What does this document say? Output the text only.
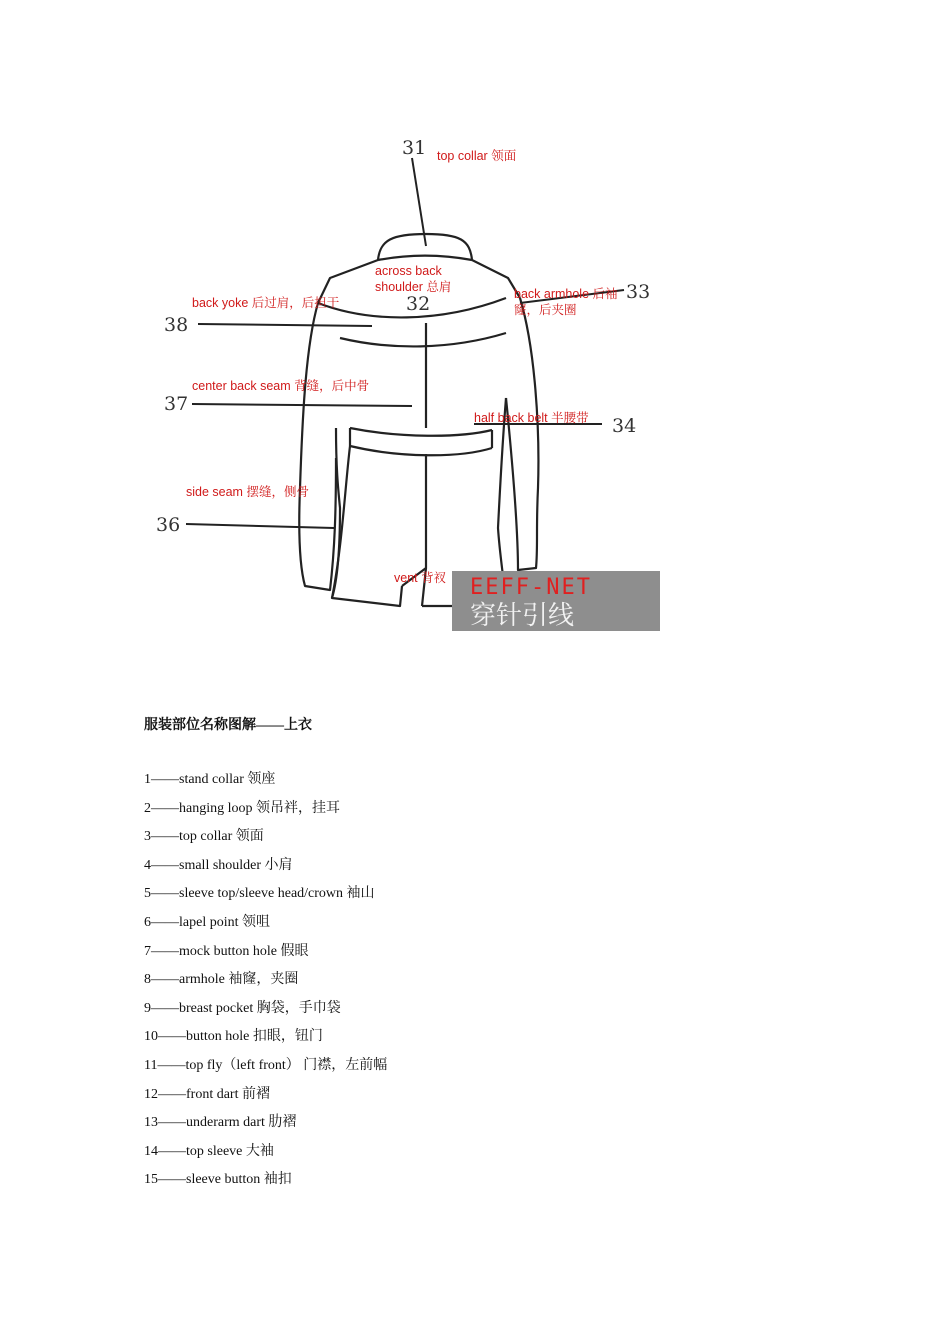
31
32
33
34
36
37
38
top collar 领面
across back
shoulder 总肩	back armhole 后袖
窿，后夹圈
half back belt 半腰带
side seam 摆缝，侧骨
center back seam 背缝，后中骨
back yoke 后过肩，后担干
vent 背衩 EEFF-NET
穿针引线
服装部位名称图解——上衣
1——stand collar 领座
2——hanging loop 领吊袢，挂耳
3——top collar 领面
4——small shoulder 小肩
5——sleeve top/sleeve head/crown 袖山
6——lapel point 领咀
7——mock button hole 假眼
8——armhole 袖窿，夹圈
9——breast pocket 胸袋，手巾袋
10——button hole 扣眼，钮门
11——top fly（left front） 门襟，左前幅
12——front dart 前褶
13——underarm dart 肋褶
14——top sleeve 大袖
15——sleeve button 袖扣
